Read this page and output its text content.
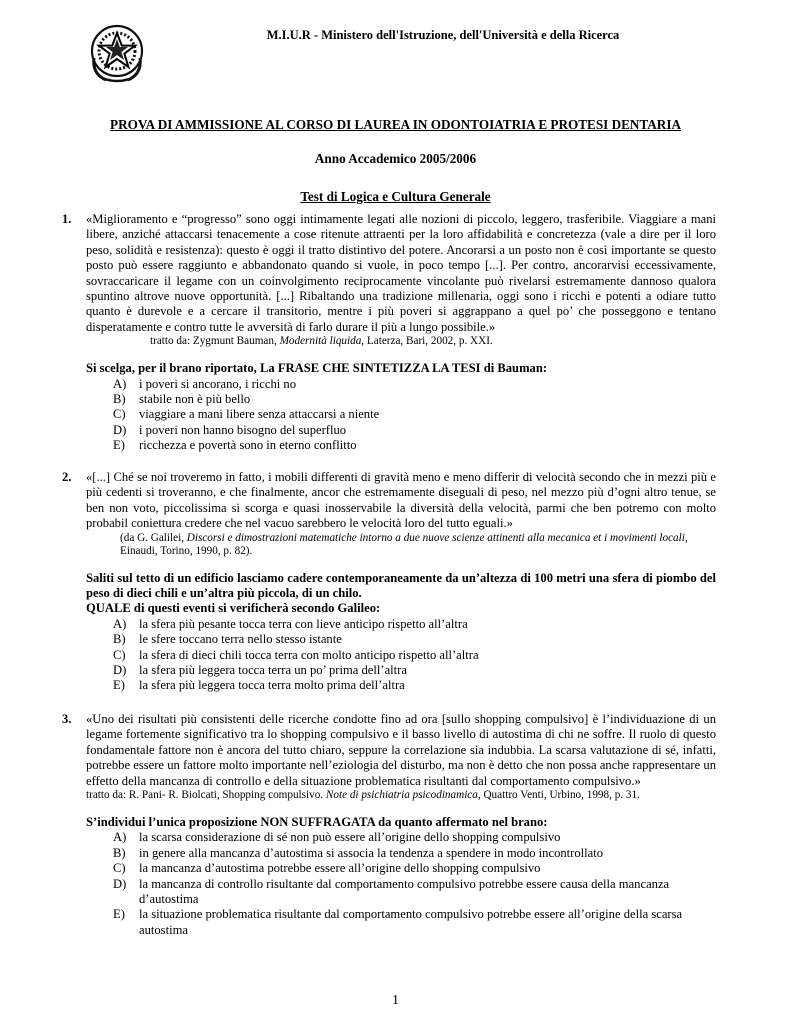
M.I.U.R - Ministero dell'Istruzione, dell'Università e della Ricerca
PROVA DI AMMISSIONE AL CORSO DI LAUREA IN ODONTOIATRIA E PROTESI DENTARIA
Anno Accademico 2005/2006
Test di Logica e Cultura Generale
1. «Miglioramento e “progresso” sono oggi intimamente legati alle nozioni di piccolo, leggero, trasferibile. Viaggiare a mani libere, anziché attaccarsi tenacemente a cose ritenute attraenti per la loro affidabilità e concretezza (vale a dire per il loro peso, solidità e resistenza): questo è oggi il tratto distintivo del potere. Ancorarsi a un posto non è così importante se questo posto può essere raggiunto e abbandonato quando si vuole, in poco tempo [...]. Per contro, ancorarvisi eccessivamente, sovraccaricare il legame con un coinvolgimento reciprocamente vincolante può rivelarsi estremamente dannoso qualora spuntino altrove nuove opportunità. [...] Ribaltando una tradizione millenaria, oggi sono i ricchi e potenti a odiare tutto quanto è durevole e a cercare il transitorio, mentre i più poveri si aggrappano a quel po’ che posseggono e tentano disperatamente e contro tutte le avversità di farlo durare il più a lungo possibile.»
tratto da: Zygmunt Bauman, Modernità liquida, Laterza, Bari, 2002, p. XXI.
Si scelga, per il brano riportato, La FRASE CHE SINTETIZZA LA TESI di Bauman:
A) i poveri si ancorano, i ricchi no
B) stabile non è più bello
C) viaggiare a mani libere senza attaccarsi a niente
D) i poveri non hanno bisogno del superfluo
E) ricchezza e povertà sono in eterno conflitto
2. «[...] Ché se noi troveremo in fatto, i mobili differenti di gravità meno e meno differir di velocità secondo che in mezzi più e più cedenti si troveranno, e che finalmente, ancor che estremamente diseguali di peso, nel mezzo più d’ogni altro tenue, se ben non voto, piccolissima si scorga e quasi inosservabile la diversità della velocità, parmi che ben potremo con molto probabil coniettura credere che nel vacuo sarebbero le velocità loro del tutto eguali.»
(da G. Galilei, Discorsi e dimostrazioni matematiche intorno a due nuove scienze attinenti alla mecanica et i movimenti locali, Einaudi, Torino, 1990, p. 82).
Saliti sul tetto di un edificio lasciamo cadere contemporaneamente da un’altezza di 100 metri una sfera di piombo del peso di dieci chili e un’altra più piccola, di un chilo.
QUALE di questi eventi si verificherà secondo Galileo:
A) la sfera più pesante tocca terra con lieve anticipo rispetto all’altra
B) le sfere toccano terra nello stesso istante
C) la sfera di dieci chili tocca terra con molto anticipo rispetto all’altra
D) la sfera più leggera tocca terra un po’ prima dell’altra
E) la sfera più leggera tocca terra molto prima dell’altra
3. «Uno dei risultati più consistenti delle ricerche condotte fino ad ora [sullo shopping compulsivo] è l’individuazione di un legame fortemente significativo tra lo shopping compulsivo e il basso livello di autostima di chi ne soffre. Il ruolo di questo fondamentale fattore non è ancora del tutto chiaro, seppure la correlazione sia indubbia. La scarsa valutazione di sé, infatti, potrebbe essere un fattore molto importante nell’eziologia del disturbo, ma non è detto che non possa anche rappresentare un effetto della mancanza di controllo e della situazione problematica risultanti dal comportamento compulsivo.»
tratto da: R. Pani- R. Biolcati, Shopping compulsivo. Note di psichiatria psicodinamica, Quattro Venti, Urbino, 1998, p. 31.
S’individui l’unica proposizione NON SUFFRAGATA da quanto affermato nel brano:
A) la scarsa considerazione di sé non può essere all’origine dello shopping compulsivo
B) in genere alla mancanza d’autostima si associa la tendenza a spendere in modo incontrollato
C) la mancanza d’autostima potrebbe essere all’origine dello shopping compulsivo
D) la mancanza di controllo risultante dal comportamento compulsivo potrebbe essere causa della mancanza d’autostima
E) la situazione problematica risultante dal comportamento compulsivo potrebbe essere all’origine della scarsa autostima
1
